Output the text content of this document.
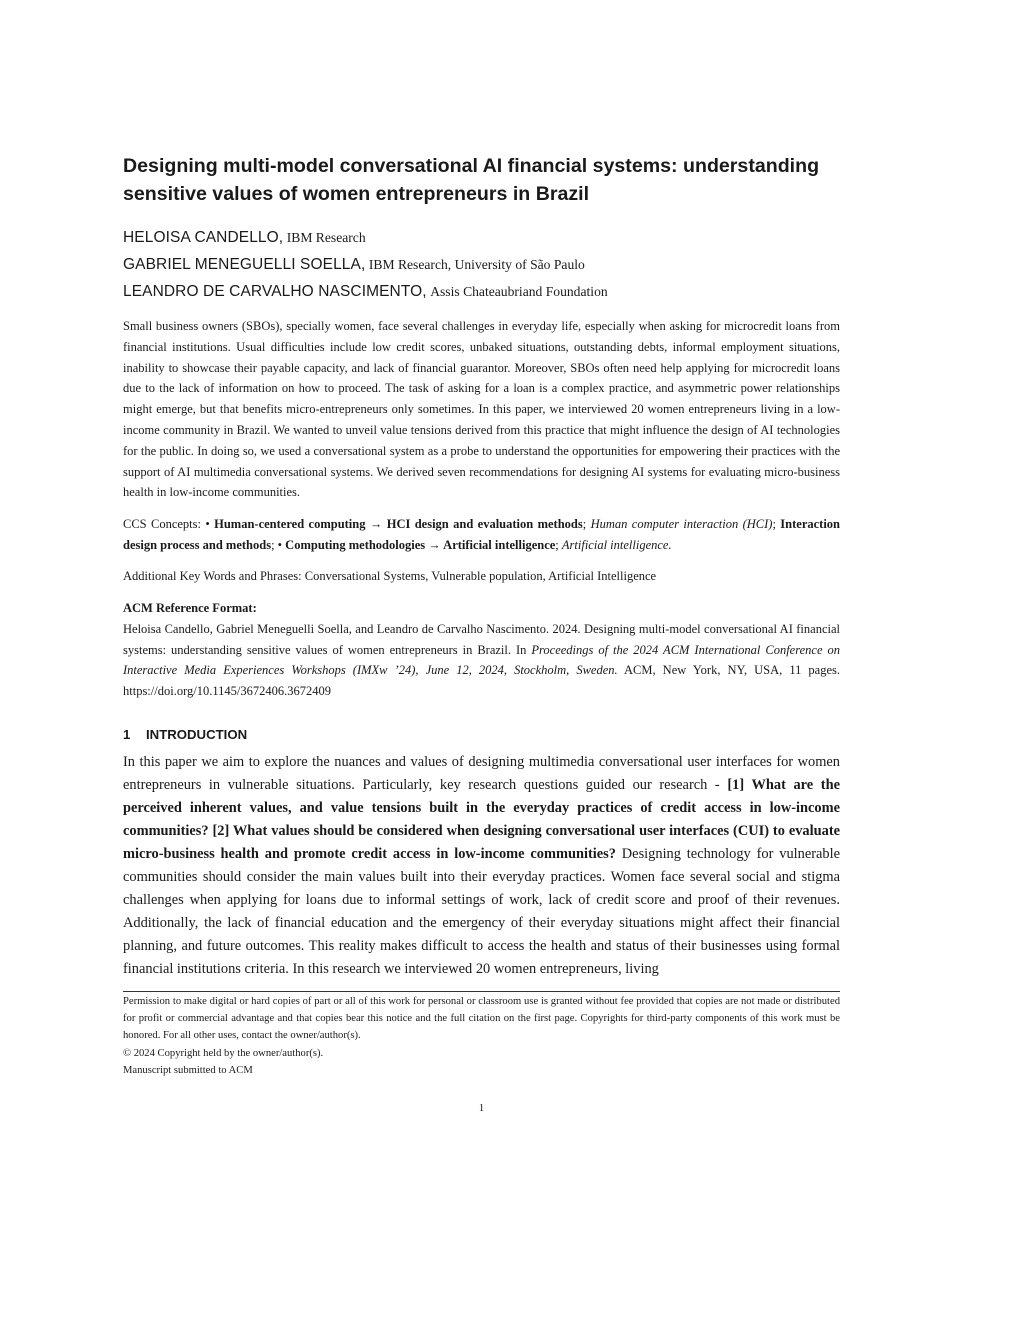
Designing multi-model conversational AI financial systems: understanding
sensitive values of women entrepreneurs in Brazil

HELOISA CANDELLO, IBM Research

GABRIEL MENEGUELLI SOELLA, IBM Research, University of São Paulo

LEANDRO DE CARVALHO NASCIMENTO, Assis Chateaubriand Foundation

Small business owners (SBOs), specially women, face several challenges in everyday life, especially when asking for microcredit loans from financial institutions. Usual difficulties include low credit scores, unbaked situations, outstanding debts, informal employment situations, inability to showcase their payable capacity, and lack of financial guarantor. Moreover, SBOs often need help applying for microcredit loans due to the lack of information on how to proceed. The task of asking for a loan is a complex practice, and asymmetric power relationships might emerge, but that benefits micro-entrepreneurs only sometimes. In this paper, we interviewed 20 women entrepreneurs living in a low-income community in Brazil. We wanted to unveil value tensions derived from this practice that might influence the design of AI technologies for the public. In doing so, we used a conversational system as a probe to understand the opportunities for empowering their practices with the support of AI multimedia conversational systems. We derived seven recommendations for designing AI systems for evaluating micro-business health in low-income communities.

CCS Concepts: • Human-centered computing → HCI design and evaluation methods; Human computer interaction (HCI); Interaction design process and methods; • Computing methodologies → Artificial intelligence; Artificial intelligence.

Additional Key Words and Phrases: Conversational Systems, Vulnerable population, Artificial Intelligence

ACM Reference Format:
Heloisa Candello, Gabriel Meneguelli Soella, and Leandro de Carvalho Nascimento. 2024. Designing multi-model conversational AI financial systems: understanding sensitive values of women entrepreneurs in Brazil. In Proceedings of the 2024 ACM International Conference on Interactive Media Experiences Workshops (IMXw ’24), June 12, 2024, Stockholm, Sweden. ACM, New York, NY, USA, 11 pages. https://doi.org/10.1145/3672406.3672409

1 INTRODUCTION

In this paper we aim to explore the nuances and values of designing multimedia conversational user interfaces for women entrepreneurs in vulnerable situations. Particularly, key research questions guided our research - [1] What are the perceived inherent values, and value tensions built in the everyday practices of credit access in low-income communities? [2] What values should be considered when designing conversational user interfaces (CUI) to evaluate micro-business health and promote credit access in low-income communities? Designing technology for vulnerable communities should consider the main values built into their everyday practices. Women face several social and stigma challenges when applying for loans due to informal settings of work, lack of credit score and proof of their revenues. Additionally, the lack of financial education and the emergency of their everyday situations might affect their financial planning, and future outcomes. This reality makes difficult to access the health and status of their businesses using formal financial institutions criteria. In this research we interviewed 20 women entrepreneurs, living

Permission to make digital or hard copies of part or all of this work for personal or classroom use is granted without fee provided that copies are not made or distributed for profit or commercial advantage and that copies bear this notice and the full citation on the first page. Copyrights for third-party components of this work must be honored. For all other uses, contact the owner/author(s).

© 2024 Copyright held by the owner/author(s).

Manuscript submitted to ACM

1
